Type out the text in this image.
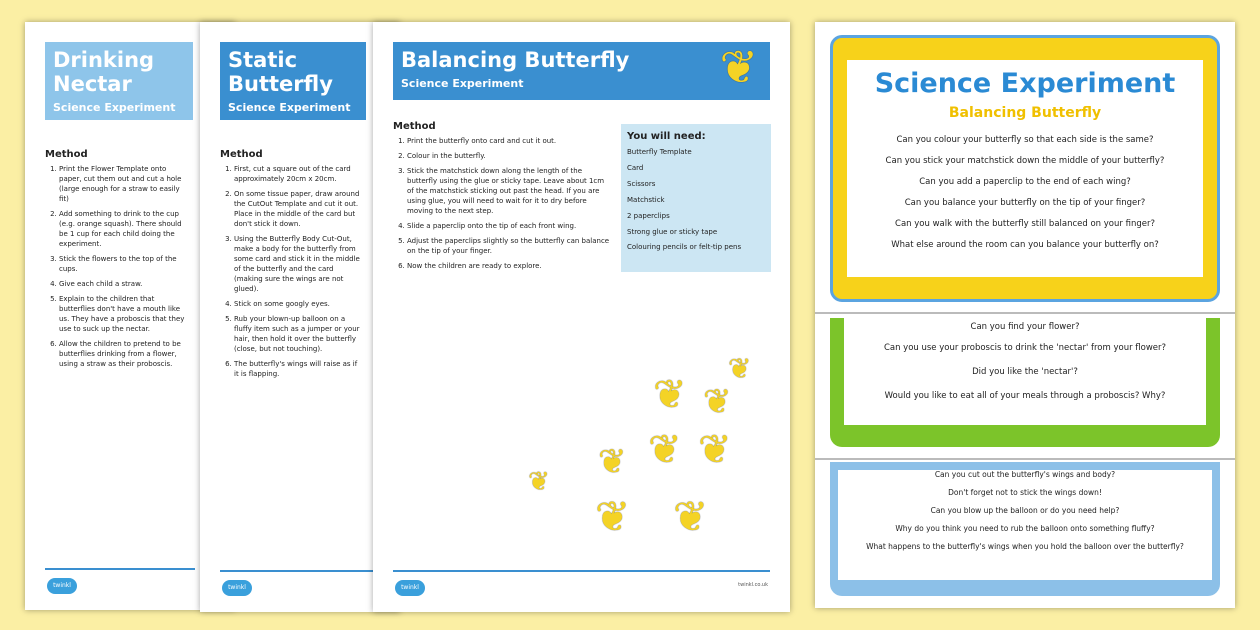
Drinking Nectar
Science Experiment
Method
1. Print the Flower Template onto paper, cut them out and cut a hole (large enough for a straw to easily fit)
2. Add something to drink to the cup (e.g. orange squash). There should be 1 cup for each child doing the experiment.
3. Stick the flowers to the top of the cups.
4. Give each child a straw.
5. Explain to the children that butterflies don't have a mouth like us. They have a proboscis that they use to suck up the nectar.
6. Allow the children to pretend to be butterflies drinking from a flower, using a straw as their proboscis.
twinkl
Static Butterfly
Science Experiment
Method
1. First, cut a square out of the card approximately 20cm x 20cm.
2. On some tissue paper, draw around the CutOut Template and cut it out. Place in the middle of the card but don't stick it down.
3. Using the Butterfly Body Cut-Out, make a body for the butterfly from some card and stick it in the middle of the butterfly and the card (making sure the wings are not glued).
4. Stick on some googly eyes.
5. Rub your blown-up balloon on a fluffy item such as a jumper or your hair, then hold it over the butterfly (close, but not touching).
6. The butterfly's wings will raise as if it is flapping.
twinkl
Balancing Butterfly
Science Experiment	❦
Method
1. Print the butterfly onto card and cut it out.
2. Colour in the butterfly.
3. Stick the matchstick down along the length of the butterfly using the glue or sticky tape. Leave about 1cm of the matchstick sticking out past the head. If you are using glue, you will need to wait for it to dry before moving to the next step.
4. Slide a paperclip onto the tip of each front wing.
5. Adjust the paperclips slightly so the butterfly can balance on the tip of your finger.
6. Now the children are ready to explore.
You will need:
Butterfly Template
Card
Scissors
Matchstick
2 paperclips
Strong glue or sticky tape
Colouring pencils or felt-tip pens
❦ ❦
❦
❦ ❦
❦
❦
❦ ❦
twinkl	twinkl.co.uk
Science Experiment
Balancing Butterfly

Can you colour your butterfly so that each side is the same?

Can you stick your matchstick down the middle of your butterfly?

Can you add a paperclip to the end of each wing?

Can you balance your butterfly on the tip of your finger?

Can you walk with the butterfly still balanced on your finger?

What else around the room can you balance your butterfly on?

Can you find your flower?

Can you use your proboscis to drink the 'nectar' from your flower?

Did you like the 'nectar'?

Would you like to eat all of your meals through a proboscis? Why?

Can you cut out the butterfly's wings and body?

Don't forget not to stick the wings down!

Can you blow up the balloon or do you need help?

Why do you think you need to rub the balloon onto something fluffy?

What happens to the butterfly's wings when you hold the balloon over the butterfly?
